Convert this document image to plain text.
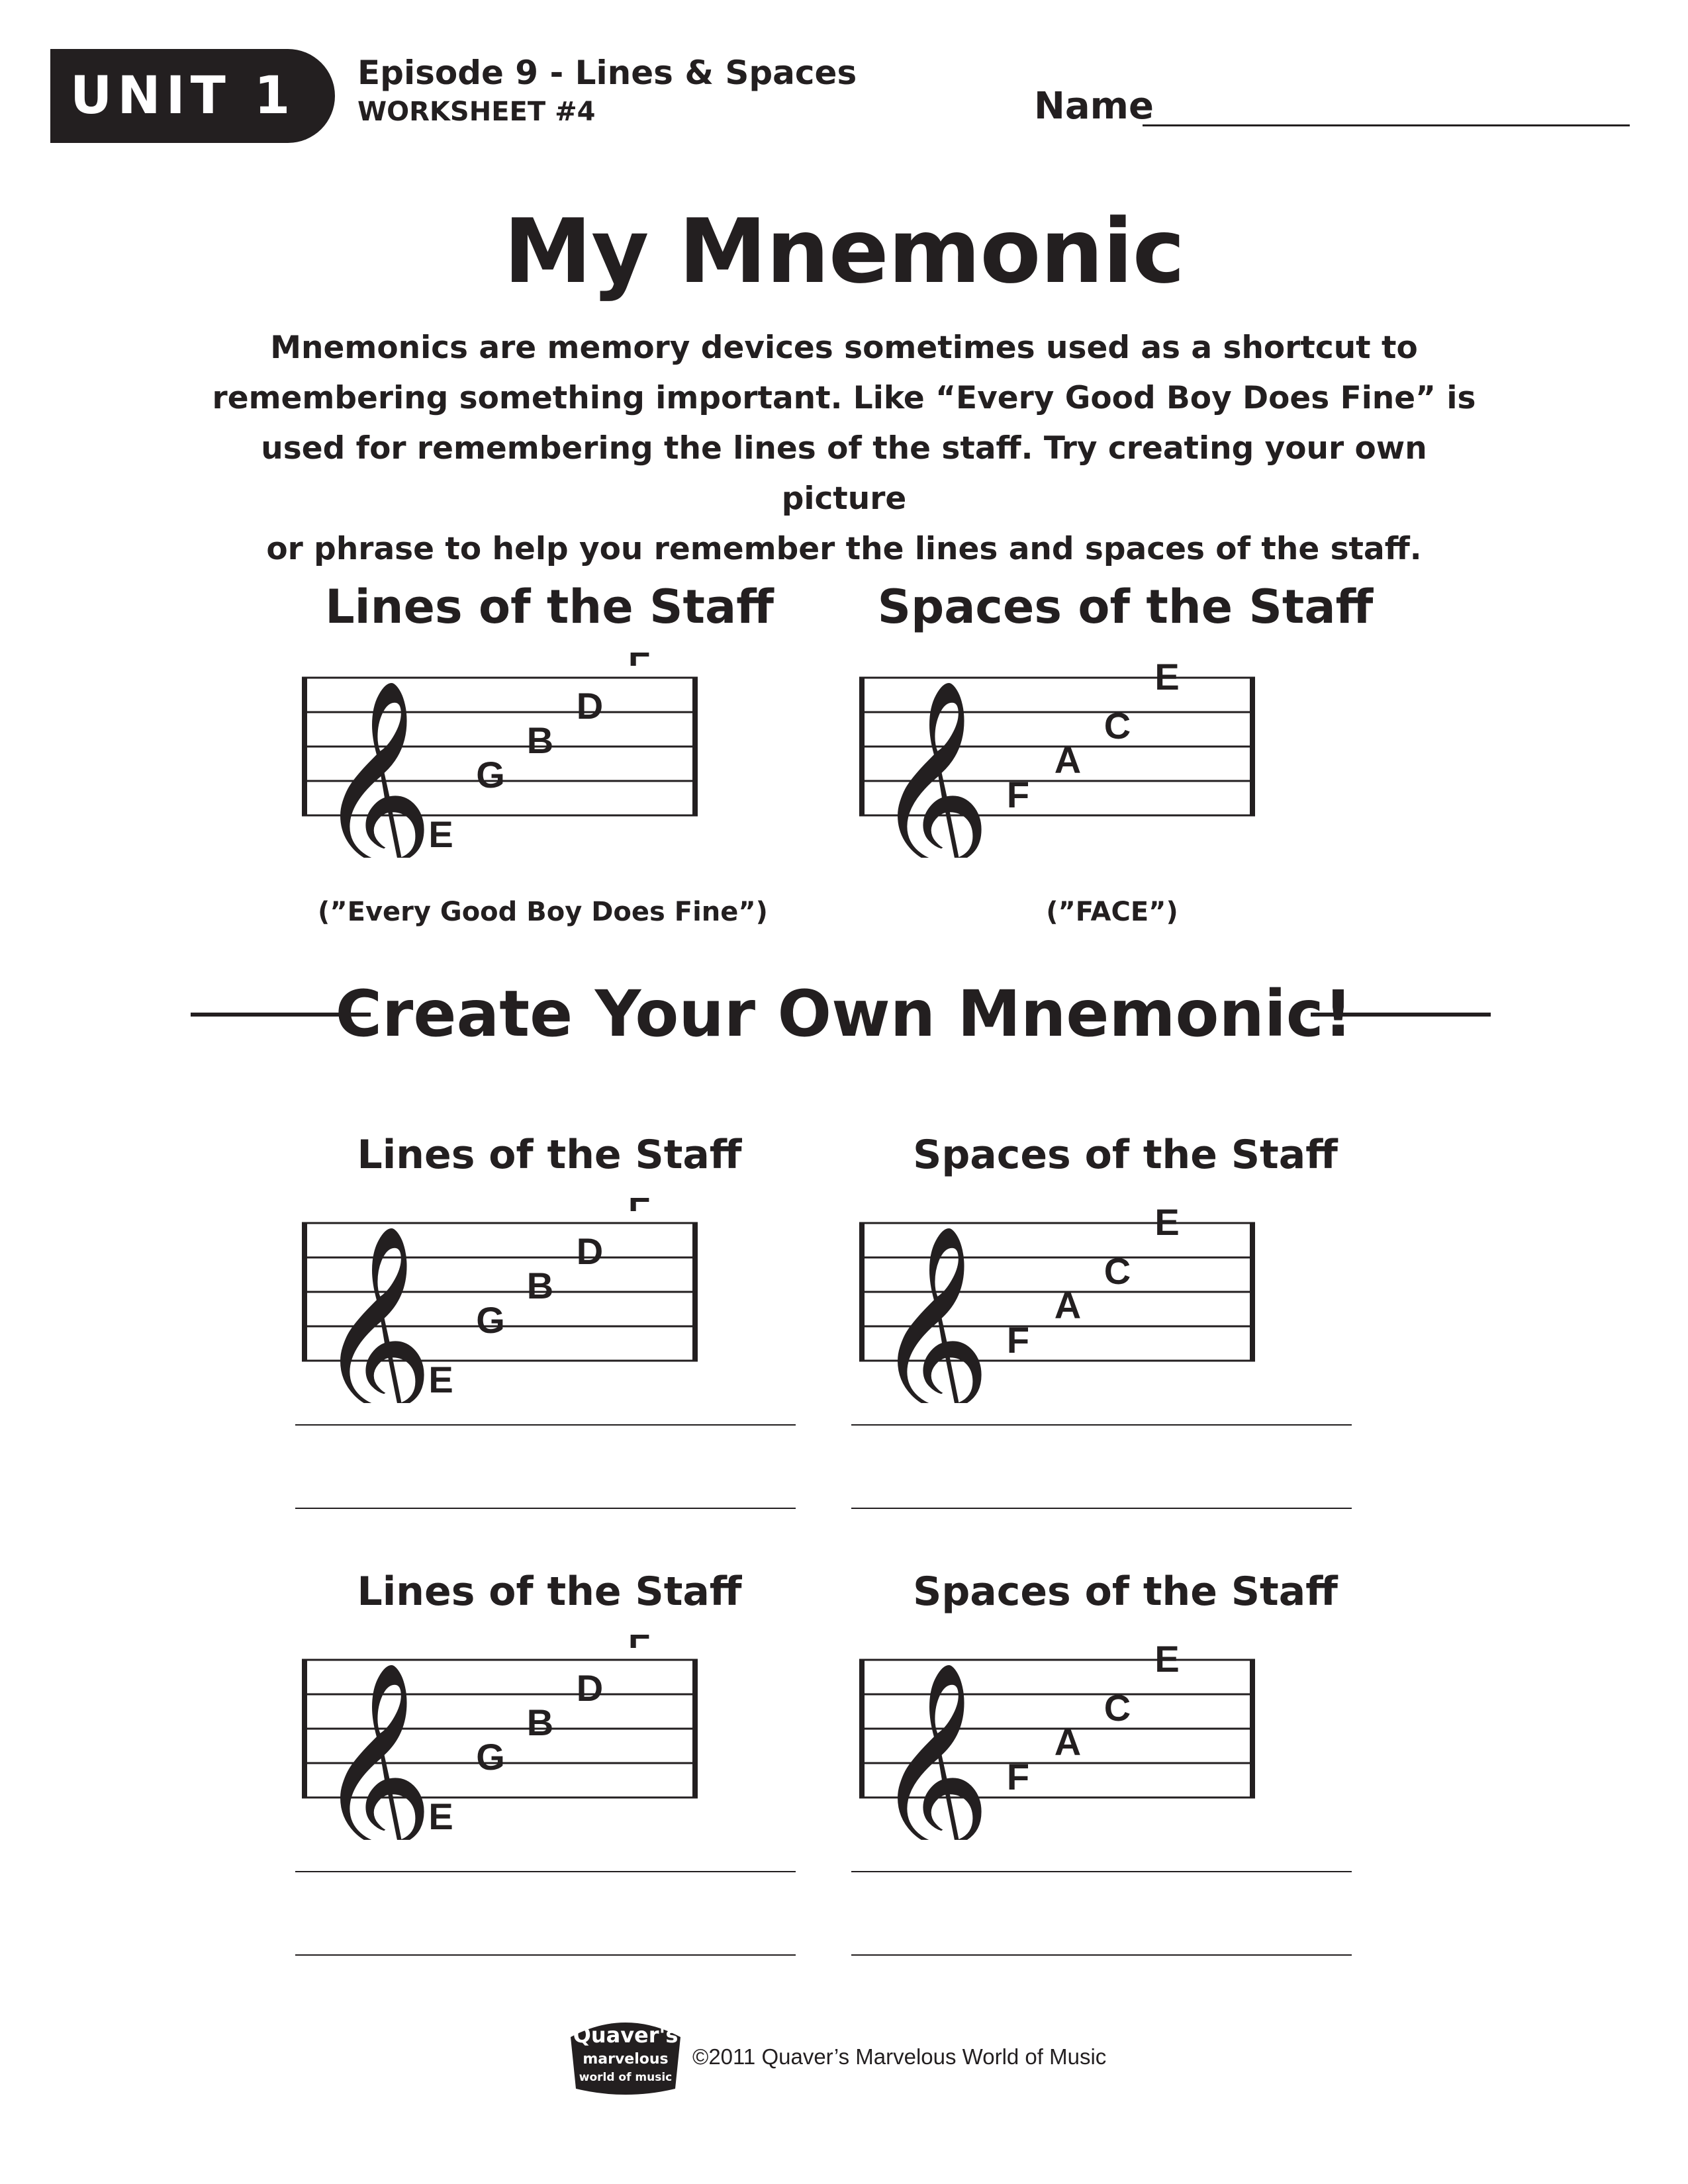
UNIT 1 Episode 9 - Lines & Spaces
WORKSHEET #4	Name
My Mnemonic
Mnemonics are memory devices sometimes used as a shortcut to
remembering something important. Like “Every Good Boy Does Fine” is
used for remembering the lines of the staff. Try creating your own picture
or phrase to help you remember the lines and spaces of the staff.
Lines of the Staff	Spaces of the Staff
𝄞
E
G
B
D
F
𝄞 F
A
C
E
(”Every Good Boy Does Fine”)	(”FACE”)
Create Your Own Mnemonic!
Lines of the Staff	Spaces of the Staff
𝄞
E
G
B
D
F
𝄞 F
A
C
E
Lines of the Staff	Spaces of the Staff
𝄞
E
G
B
D
F
𝄞 F
A
C
E
Quaver's
marvelous
world of music
©2011 Quaver’s Marvelous World of Music
